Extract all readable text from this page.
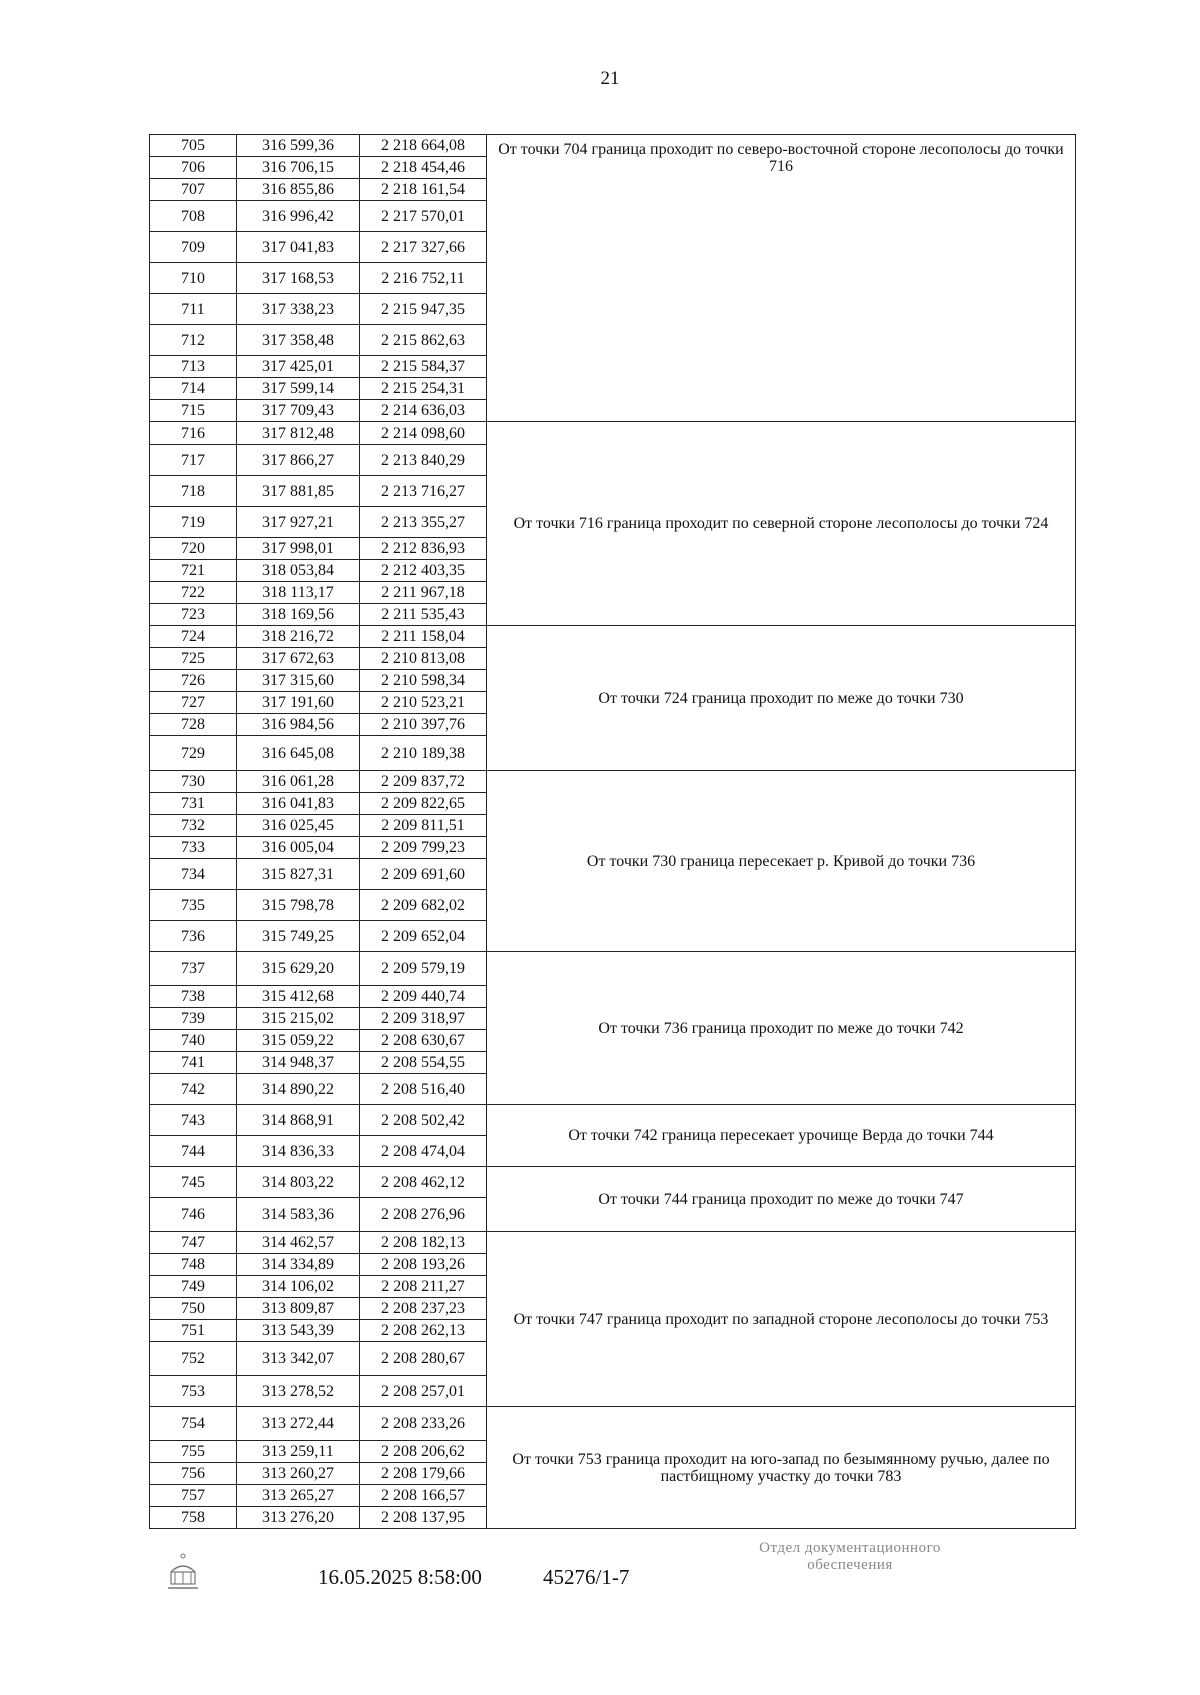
21
705	316 599,36	2 218 664,08	От точки 704 граница проходит по северо-восточной стороне лесополосы до точки 716
706	316 706,15	2 218 454,46	
707	316 855,86	2 218 161,54	
708	316 996,42	2 217 570,01	
709	317 041,83	2 217 327,66	
710	317 168,53	2 216 752,11	
711	317 338,23	2 215 947,35	
712	317 358,48	2 215 862,63	
713	317 425,01	2 215 584,37	
714	317 599,14	2 215 254,31	
715	317 709,43	2 214 636,03	
716	317 812,48	2 214 098,60	От точки 716 граница проходит по северной стороне лесополосы до точки 724
717	317 866,27	2 213 840,29	
718	317 881,85	2 213 716,27	
719	317 927,21	2 213 355,27	
720	317 998,01	2 212 836,93	
721	318 053,84	2 212 403,35	
722	318 113,17	2 211 967,18	
723	318 169,56	2 211 535,43	
724	318 216,72	2 211 158,04	От точки 724 граница проходит по меже до точки 730
725	317 672,63	2 210 813,08	
726	317 315,60	2 210 598,34	
727	317 191,60	2 210 523,21	
728	316 984,56	2 210 397,76	
729	316 645,08	2 210 189,38	
730	316 061,28	2 209 837,72	От точки 730 граница пересекает р. Кривой до точки 736
731	316 041,83	2 209 822,65	
732	316 025,45	2 209 811,51	
733	316 005,04	2 209 799,23	
734	315 827,31	2 209 691,60	
735	315 798,78	2 209 682,02	
736	315 749,25	2 209 652,04	
737	315 629,20	2 209 579,19	От точки 736 граница проходит по меже до точки 742
738	315 412,68	2 209 440,74	
739	315 215,02	2 209 318,97	
740	315 059,22	2 208 630,67	
741	314 948,37	2 208 554,55	
742	314 890,22	2 208 516,40	
743	314 868,91	2 208 502,42	От точки 742 граница пересекает урочище Верда до точки 744
744	314 836,33	2 208 474,04	
745	314 803,22	2 208 462,12	От точки 744 граница проходит по меже до точки 747
746	314 583,36	2 208 276,96	
747	314 462,57	2 208 182,13	От точки 747 граница проходит по западной стороне лесополосы до точки 753
748	314 334,89	2 208 193,26	
749	314 106,02	2 208 211,27	
750	313 809,87	2 208 237,23	
751	313 543,39	2 208 262,13	
752	313 342,07	2 208 280,67	
753	313 278,52	2 208 257,01	
754	313 272,44	2 208 233,26	От точки 753 граница проходит на юго-запад по безымянному ручью, далее по пастбищному участку до точки 783
755	313 259,11	2 208 206,62	
756	313 260,27	2 208 179,66	
757	313 265,27	2 208 166,57	
758	313 276,20	2 208 137,95	
16.05.2025 8:58:00	45276/1-7
Отдел документационного
обеспечения
